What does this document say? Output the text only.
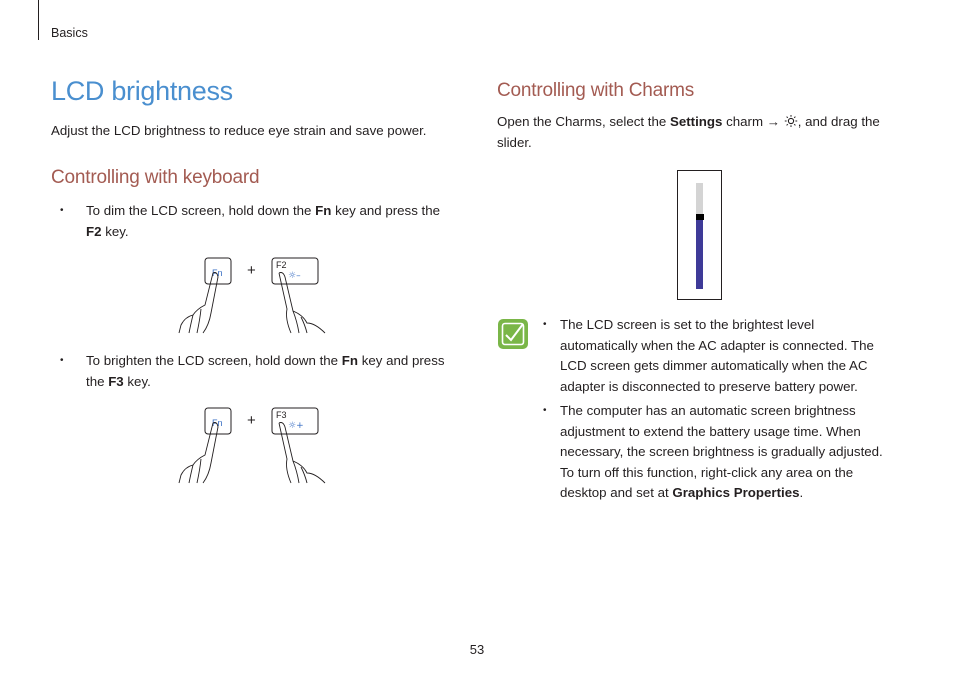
Basics
LCD brightness

Adjust the LCD brightness to reduce eye strain and save power.

Controlling with keyboard
• To dim the LCD screen, hold down the Fn key and press the F2 key.
Fn + F2
☼–
• To brighten the LCD screen, hold down the Fn key and press the F3 key.
Fn + F3
☼+
Controlling with Charms

Open the Charms, select the Settings charm → , and drag the slider.

• The LCD screen is set to the brightest level automatically when the AC adapter is connected. The LCD screen gets dimmer automatically when the AC adapter is disconnected to preserve battery power.
• The computer has an automatic screen brightness adjustment to extend the battery usage time. When necessary, the screen brightness is gradually adjusted. To turn off this function, right-click any area on the desktop and set at Graphics Properties.
53
